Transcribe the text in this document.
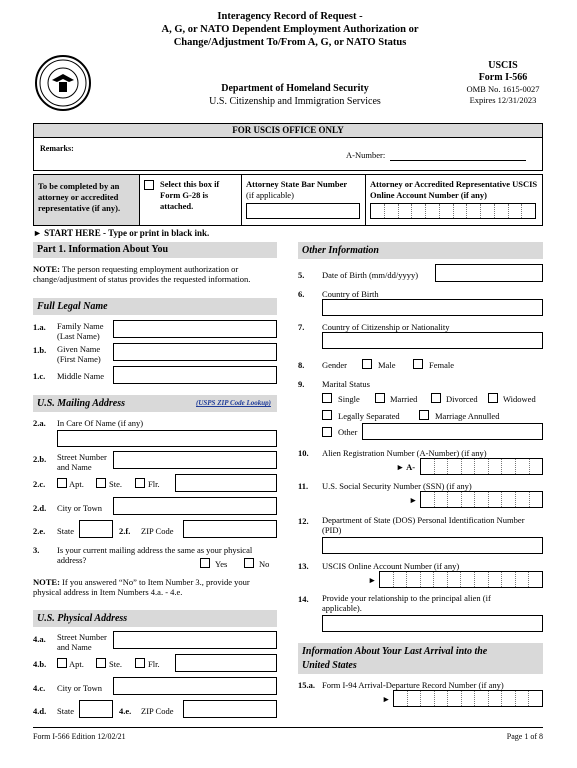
Interagency Record of Request -
A, G, or NATO Dependent Employment Authorization or
Change/Adjustment To/From A, G, or NATO Status
Department of Homeland Security
U.S. Citizenship and Immigration Services
USCIS
Form I-566
OMB No. 1615-0027
Expires 12/31/2023
FOR USCIS OFFICE ONLY
Remarks:
A-Number:
To be completed by an attorney or accredited representative (if any).
Select this box if Form G-28 is attached.
Attorney State Bar Number
(if applicable)
Attorney or Accredited Representative USCIS Online Account Number (if any)
► START HERE - Type or print in black ink.
Part 1. Information About You
NOTE: The person requesting employment authorization or change/adjustment of status provides the requested information.
Full Legal Name
1.a. Family Name (Last Name)
1.b. Given Name (First Name)
1.c. Middle Name
U.S. Mailing Address	(USPS ZIP Code Lookup)
2.a. In Care Of Name (if any)
2.b. Street Number and Name
2.c.	Apt.	Ste.	Flr.
2.d. City or Town
2.e. State	2.f. ZIP Code
3. Is your current mailing address the same as your physical address?	Yes	No
NOTE: If you answered “No” to Item Number 3., provide your physical address in Item Numbers 4.a. - 4.e.
U.S. Physical Address
4.a. Street Number and Name
4.b.	Apt.	Ste.	Flr.
4.c. City or Town
4.d. State	4.e. ZIP Code
Other Information
5. Date of Birth (mm/dd/yyyy)
6. Country of Birth
7. Country of Citizenship or Nationality
8. Gender	Male	Female
9. Marital Status
Single	Married	Divorced	Widowed
Legally Separated	Marriage Annulled
Other
10. Alien Registration Number (A-Number) (if any)
► A-
11. U.S. Social Security Number (SSN) (if any)
►
12. Department of State (DOS) Personal Identification Number (PID)
13. USCIS Online Account Number (if any)
►
14. Provide your relationship to the principal alien (if applicable).
Information About Your Last Arrival into the
United States
15.a. Form I-94 Arrival-Departure Record Number (if any)
►
Form I-566 Edition 12/02/21	Page 1 of 8
